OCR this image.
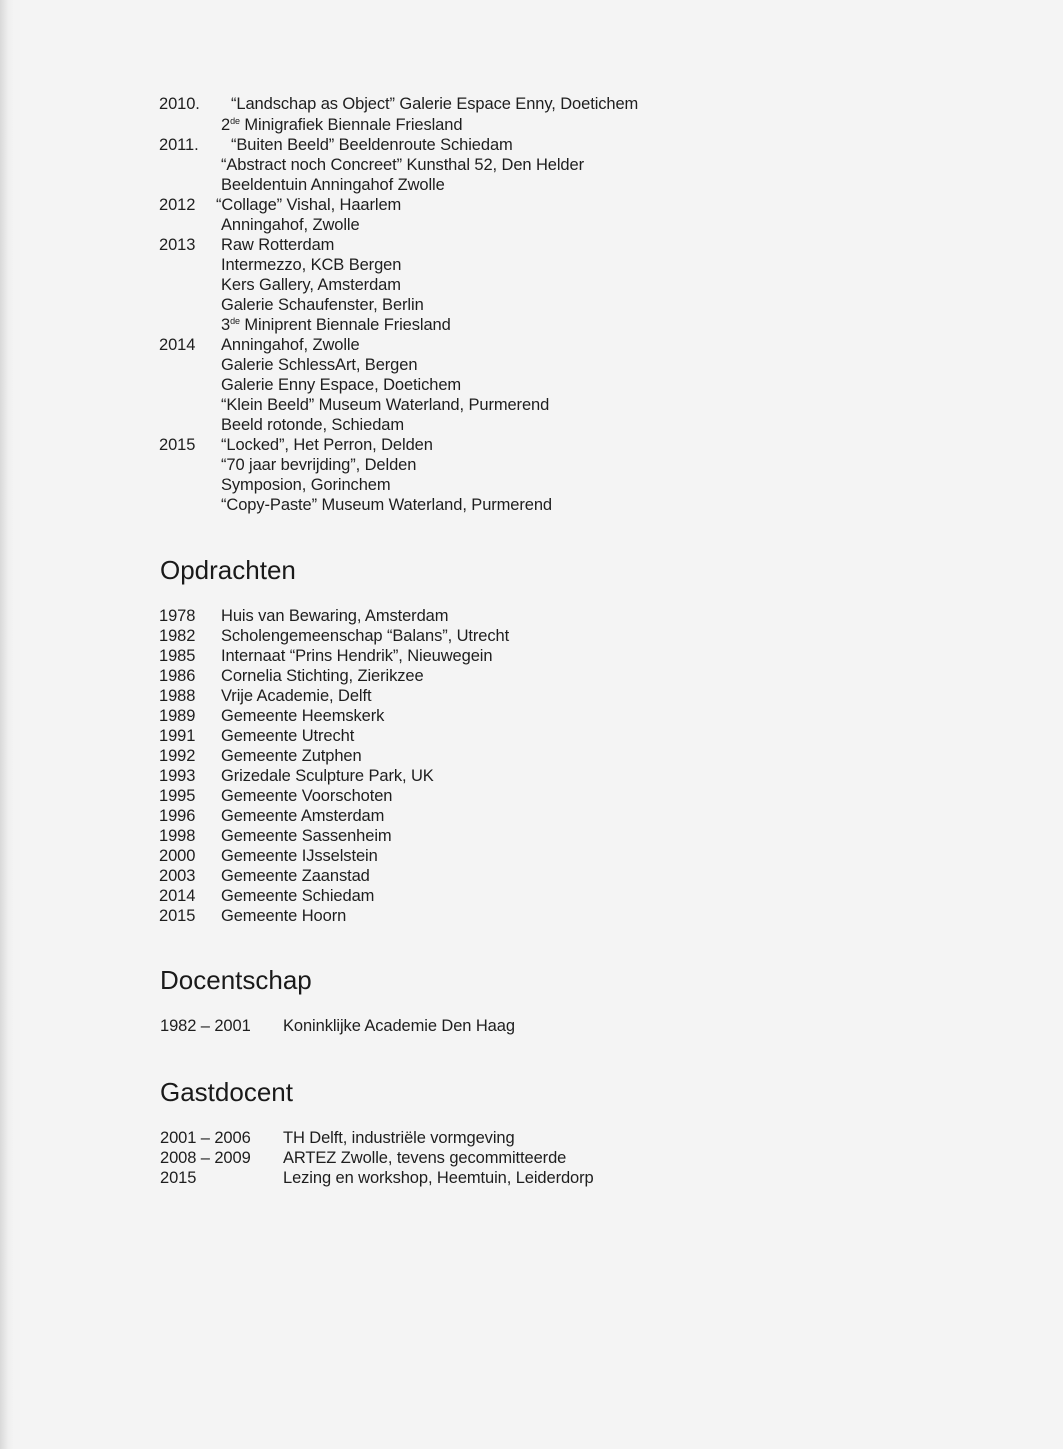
2010. “Landschap as Object” Galerie Espace Enny, Doetichem
2de Minigrafiek Biennale Friesland
2011. “Buiten Beeld” Beeldenroute Schiedam
“Abstract noch Concreet” Kunsthal 52, Den Helder
Beeldentuin Anningahof Zwolle
2012 “Collage” Vishal, Haarlem
Anningahof, Zwolle
2013 Raw Rotterdam
Intermezzo, KCB Bergen
Kers Gallery, Amsterdam
Galerie Schaufenster, Berlin
3de Miniprent Biennale Friesland
2014 Anningahof, Zwolle
Galerie SchlessArt, Bergen
Galerie Enny Espace, Doetichem
“Klein Beeld” Museum Waterland, Purmerend
Beeld rotonde, Schiedam
2015 “Locked”, Het Perron, Delden
“70 jaar bevrijding”, Delden
Symposion, Gorinchem
“Copy-Paste” Museum Waterland, Purmerend
Opdrachten
1978 Huis van Bewaring, Amsterdam
1982 Scholengemeenschap “Balans”, Utrecht
1985 Internaat “Prins Hendrik”, Nieuwegein
1986 Cornelia Stichting, Zierikzee
1988 Vrije Academie, Delft
1989 Gemeente Heemskerk
1991 Gemeente Utrecht
1992 Gemeente Zutphen
1993 Grizedale Sculpture Park, UK
1995 Gemeente Voorschoten
1996 Gemeente Amsterdam
1998 Gemeente Sassenheim
2000 Gemeente IJsselstein
2003 Gemeente Zaanstad
2014 Gemeente Schiedam
2015 Gemeente Hoorn
Docentschap
1982 – 2001 Koninklijke Academie Den Haag
Gastdocent
2001 – 2006 TH Delft, industriële vormgeving
2008 – 2009 ARTEZ Zwolle, tevens gecommitteerde
2015	Lezing en workshop, Heemtuin, Leiderdorp
